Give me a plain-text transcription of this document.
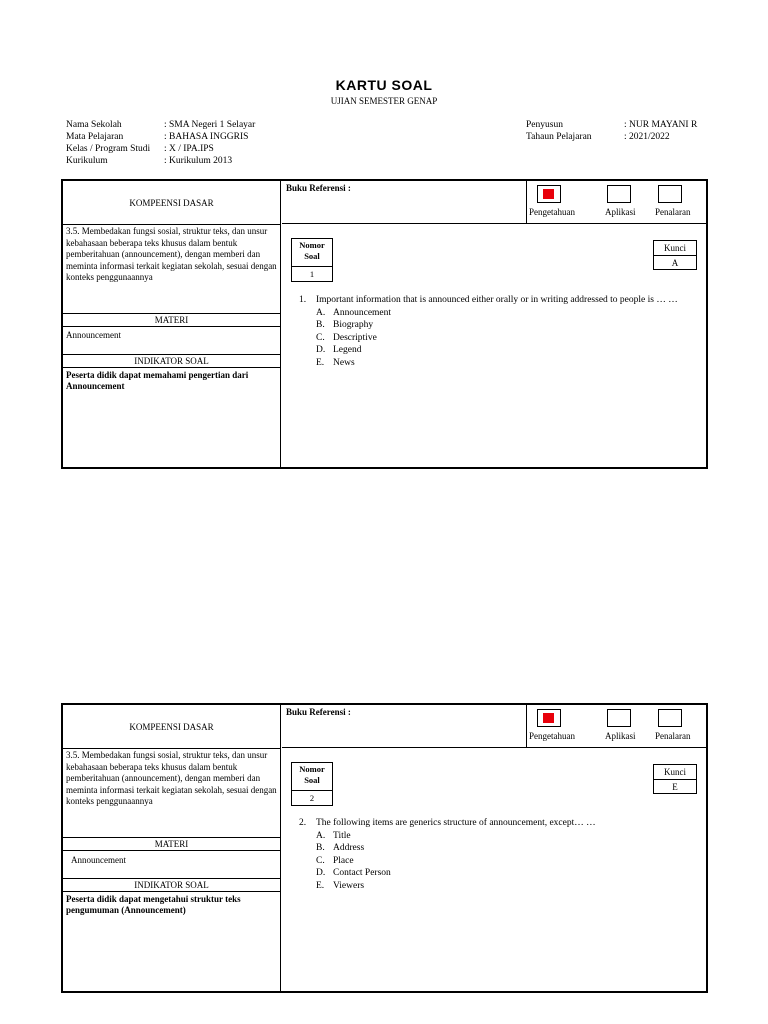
KARTU SOAL
UJIAN SEMESTER GENAP
Nama Sekolah	: SMA Negeri 1 Selayar
Mata Pelajaran	: BAHASA INGGRIS
Kelas / Program Studi	: X / IPA.IPS
Kurikulum	: Kurikulum 2013
Penyusun	: NUR MAYANI R
Tahaun Pelajaran	: 2021/2022
KOMPEENSI DASAR
3.5. Membedakan fungsi sosial, struktur teks, dan unsur kebahasaan beberapa teks khusus dalam bentuk pemberitahuan (announcement), dengan memberi dan meminta informasi terkait kegiatan sekolah, sesuai dengan konteks penggunaannya
MATERI
Announcement
INDIKATOR SOAL
Peserta didik dapat memahami pengertian dari Announcement
Buku Referensi :
Pengetahuan	Aplikasi Penalaran
Nomor Soal
1
Kunci
A
1.	Important information that is announced either orally or in writing addressed to people is … …
A. Announcement
B. Biography
C. Descriptive
D. Legend
E. News
KOMPEENSI DASAR
3.5. Membedakan fungsi sosial, struktur teks, dan unsur kebahasaan beberapa teks khusus dalam bentuk pemberitahuan (announcement), dengan memberi dan meminta informasi terkait kegiatan sekolah, sesuai dengan konteks penggunaannya
MATERI
Announcement
INDIKATOR SOAL
Peserta didik dapat mengetahui struktur teks pengumuman (Announcement)
Buku Referensi :
Pengetahuan	Aplikasi Penalaran
Nomor Soal
2
Kunci
E
2.	The following items are generics structure of announcement, except… …
A. Title
B. Address
C. Place
D. Contact Person
E. Viewers
